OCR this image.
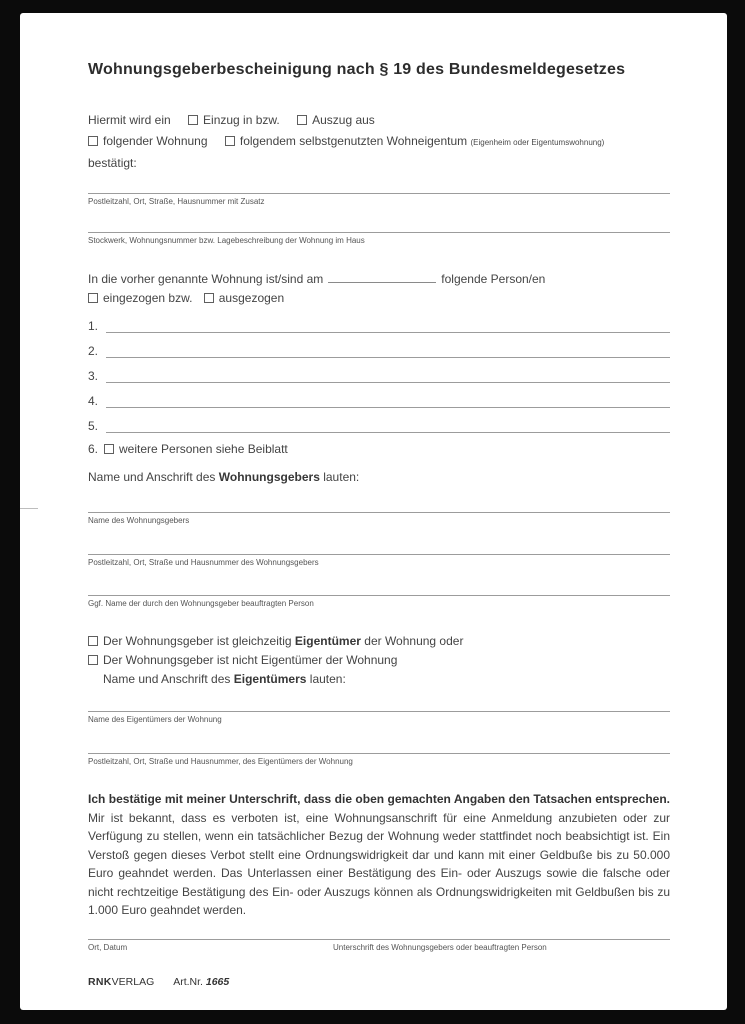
Wohnungsgeberbescheinigung nach § 19 des Bundesmeldegesetzes
Hiermit wird ein	Einzug in bzw.	Auszug aus
folgender Wohnung	folgendem selbstgenutzten Wohneigentum (Eigenheim oder Eigentumswohnung)
bestätigt:
Postleitzahl, Ort, Straße, Hausnummer mit Zusatz
Stockwerk, Wohnungsnummer bzw. Lagebeschreibung der Wohnung im Haus
In die vorher genannte Wohnung ist/sind am	folgende Person/en
eingezogen bzw. ausgezogen
1.
2.
3.
4.
5.
6.	weitere Personen siehe Beiblatt
Name und Anschrift des Wohnungsgebers lauten:
Name des Wohnungsgebers
Postleitzahl, Ort, Straße und Hausnummer des Wohnungsgebers
Ggf. Name der durch den Wohnungsgeber beauftragten Person
Der Wohnungsgeber ist gleichzeitig Eigentümer der Wohnung oder
Der Wohnungsgeber ist nicht Eigentümer der Wohnung
Name und Anschrift des Eigentümers lauten:
Name des Eigentümers der Wohnung
Postleitzahl, Ort, Straße und Hausnummer, des Eigentümers der Wohnung
Ich bestätige mit meiner Unterschrift, dass die oben gemachten Angaben den Tatsachen entsprechen. Mir ist bekannt, dass es verboten ist, eine Wohnungsanschrift für eine Anmeldung anzubieten oder zur Verfügung zu stellen, wenn ein tatsächlicher Bezug der Wohnung weder stattfindet noch beabsichtigt ist. Ein Verstoß gegen dieses Verbot stellt eine Ordnungswidrigkeit dar und kann mit einer Geldbuße bis zu 50.000 Euro geahndet werden. Das Unterlassen einer Bestätigung des Ein- oder Auszugs sowie die falsche oder nicht rechtzeitige Bestätigung des Ein- oder Auszugs können als Ordnungswidrigkeiten mit Geldbußen bis zu 1.000 Euro geahndet werden.
Ort, Datum	Unterschrift des Wohnungsgebers oder beauftragten Person
RNKVERLAG Art.Nr. 1665
